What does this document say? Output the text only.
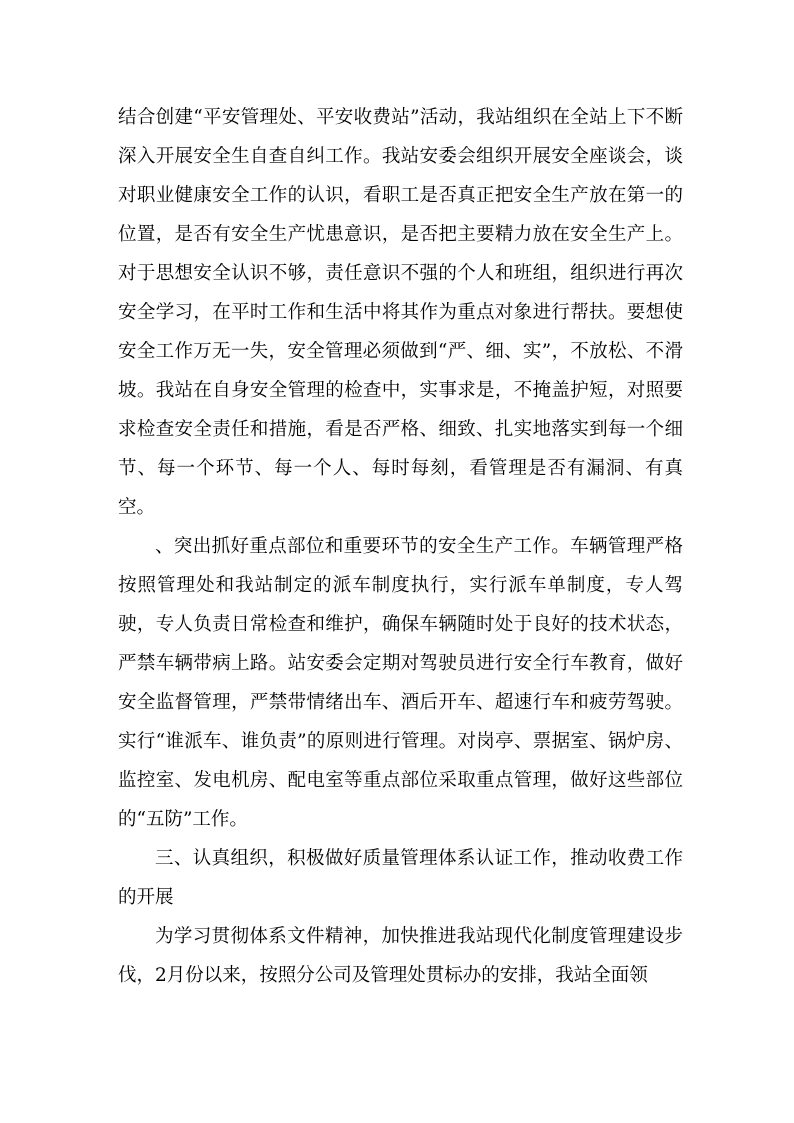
结合创建“平安管理处、平安收费站”活动，我站组织在全站上下不断深入开展安全生自查自纠工作。我站安委会组织开展安全座谈会，谈对职业健康安全工作的认识，看职工是否真正把安全生产放在第一的位置，是否有安全生产忧患意识，是否把主要精力放在安全生产上。对于思想安全认识不够，责任意识不强的个人和班组，组织进行再次安全学习，在平时工作和生活中将其作为重点对象进行帮扶。要想使安全工作万无一失，安全管理必须做到“严、细、实”，不放松、不滑坡。我站在自身安全管理的检查中，实事求是，不掩盖护短，对照要求检查安全责任和措施，看是否严格、细致、扎实地落实到每一个细节、每一个环节、每一个人、每时每刻，看管理是否有漏洞、有真空。

、突出抓好重点部位和重要环节的安全生产工作。车辆管理严格按照管理处和我站制定的派车制度执行，实行派车单制度，专人驾驶，专人负责日常检查和维护，确保车辆随时处于良好的技术状态，严禁车辆带病上路。站安委会定期对驾驶员进行安全行车教育，做好安全监督管理，严禁带情绪出车、酒后开车、超速行车和疲劳驾驶。实行“谁派车、谁负责”的原则进行管理。对岗亭、票据室、锅炉房、监控室、发电机房、配电室等重点部位采取重点管理，做好这些部位的“五防”工作。

三、认真组织，积极做好质量管理体系认证工作，推动收费工作的开展

为学习贯彻体系文件精神，加快推进我站现代化制度管理建设步伐，2月份以来，按照分公司及管理处贯标办的安排，我站全面领
